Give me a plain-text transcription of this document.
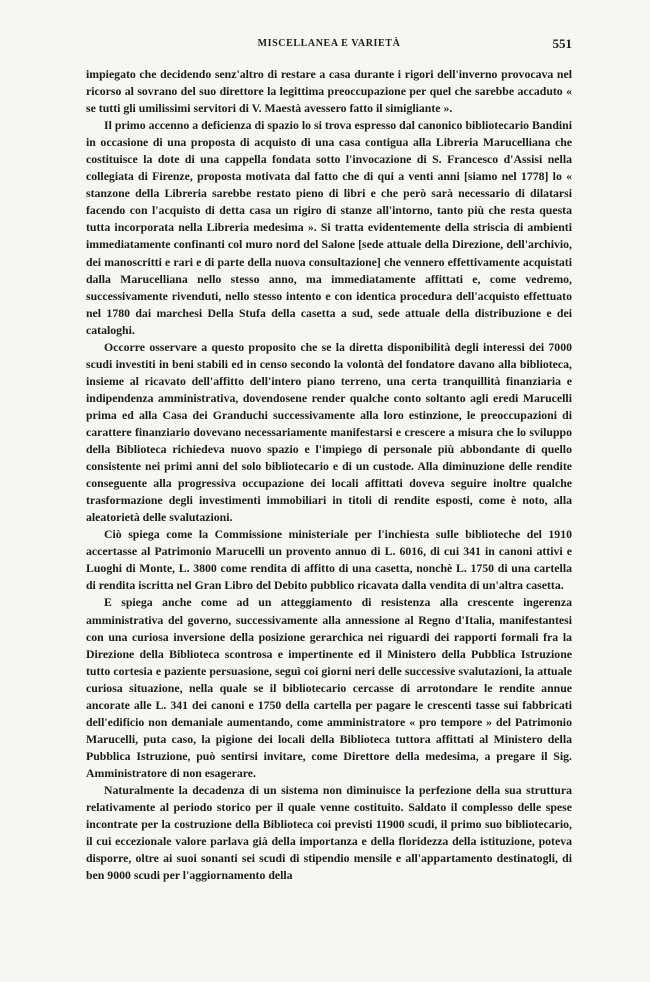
MISCELLANEA E VARIETÀ	551

impiegato che decidendo senz'altro di restare a casa durante i rigori dell'inverno provocava nel ricorso al sovrano del suo direttore la legittima preoccupazione per quel che sarebbe accaduto « se tutti gli umilissimi servitori di V. Maestà avessero fatto il simigliante ».

Il primo accenno a deficienza di spazio lo si trova espresso dal canonico bibliotecario Bandini in occasione di una proposta di acquisto di una casa contigua alla Libreria Marucelliana che costituisce la dote di una cappella fondata sotto l'invocazione di S. Francesco d'Assisi nella collegiata di Firenze, proposta motivata dal fatto che di qui a venti anni [siamo nel 1778] lo « stanzone della Libreria sarebbe restato pieno di libri e che però sarà necessario di dilatarsi facendo con l'acquisto di detta casa un rigiro di stanze all'intorno, tanto più che resta questa tutta incorporata nella Libreria medesima ». Si tratta evidentemente della striscia di ambienti immediatamente confinanti col muro nord del Salone [sede attuale della Direzione, dell'archivio, dei manoscritti e rari e di parte della nuova consultazione] che vennero effettivamente acquistati dalla Marucelliana nello stesso anno, ma immediatamente affittati e, come vedremo, successivamente rivenduti, nello stesso intento e con identica procedura dell'acquisto effettuato nel 1780 dai marchesi Della Stufa della casetta a sud, sede attuale della distribuzione e dei cataloghi.

Occorre osservare a questo proposito che se la diretta disponibilità degli interessi dei 7000 scudi investiti in beni stabili ed in censo secondo la volontà del fondatore davano alla biblioteca, insieme al ricavato dell'affitto dell'intero piano terreno, una certa tranquillità finanziaria e indipendenza amministrativa, dovendosene render qualche conto soltanto agli eredi Marucelli prima ed alla Casa dei Granduchi successivamente alla loro estinzione, le preoccupazioni di carattere finanziario dovevano necessariamente manifestarsi e crescere a misura che lo sviluppo della Biblioteca richiedeva nuovo spazio e l'impiego di personale più abbondante di quello consistente nei primi anni del solo bibliotecario e di un custode. Alla diminuzione delle rendite conseguente alla progressiva occupazione dei locali affittati doveva seguire inoltre qualche trasformazione degli investimenti immobiliari in titoli di rendite esposti, come è noto, alla aleatorietà delle svalutazioni.

Ciò spiega come la Commissione ministeriale per l'inchiesta sulle biblioteche del 1910 accertasse al Patrimonio Marucelli un provento annuo di L. 6016, di cui 341 in canoni attivi e Luoghi di Monte, L. 3800 come rendita di affitto di una casetta, nonchè L. 1750 di una cartella di rendita iscritta nel Gran Libro del Debito pubblico ricavata dalla vendita di un'altra casetta.

E spiega anche come ad un atteggiamento di resistenza alla crescente ingerenza amministrativa del governo, successivamente alla annessione al Regno d'Italia, manifestantesi con una curiosa inversione della posizione gerarchica nei riguardi dei rapporti formali fra la Direzione della Biblioteca scontrosa e impertinente ed il Ministero della Pubblica Istruzione tutto cortesia e paziente persuasione, seguì coi giorni neri delle successive svalutazioni, la attuale curiosa situazione, nella quale se il bibliotecario cercasse di arrotondare le rendite annue ancorate alle L. 341 dei canoni e 1750 della cartella per pagare le crescenti tasse sui fabbricati dell'edificio non demaniale aumentando, come amministratore « pro tempore » del Patrimonio Marucelli, puta caso, la pigione dei locali della Biblioteca tuttora affittati al Ministero della Pubblica Istruzione, può sentirsi invitare, come Direttore della medesima, a pregare il Sig. Amministratore di non esagerare.

Naturalmente la decadenza di un sistema non diminuisce la perfezione della sua struttura relativamente al periodo storico per il quale venne costituito. Saldato il complesso delle spese incontrate per la costruzione della Biblioteca coi previsti 11900 scudi, il primo suo bibliotecario, il cui eccezionale valore parlava già della importanza e della floridezza della istituzione, poteva disporre, oltre ai suoi sonanti sei scudi di stipendio mensile e all'appartamento destinatogli, di ben 9000 scudi per l'aggiornamento della
